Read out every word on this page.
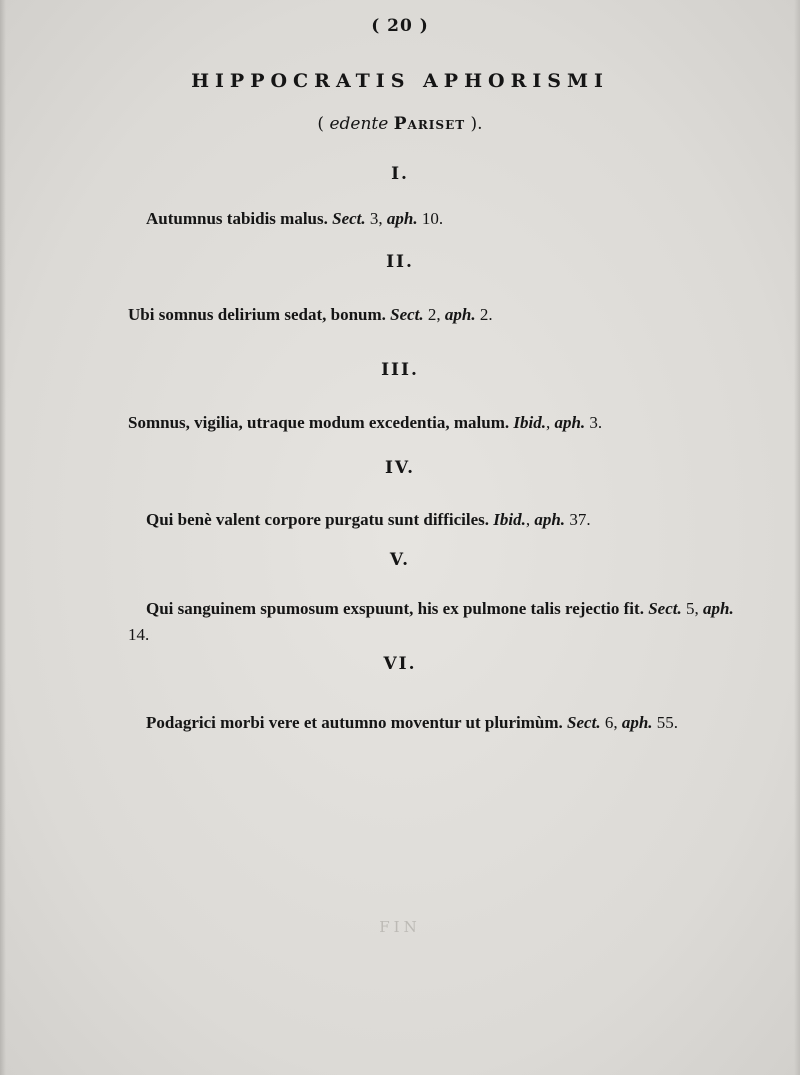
FIN
( 20 )
HIPPOCRATIS APHORISMI
( edente Pariset ).
I.
Autumnus tabidis malus. Sect. 3, aph. 10.
II.
Ubi somnus delirium sedat, bonum. Sect. 2, aph. 2.
III.
Somnus, vigilia, utraque modum excedentia, malum. Ibid., aph. 3.
IV.
Qui benè valent corpore purgatu sunt difficiles. Ibid., aph. 37.
V.
Qui sanguinem spumosum exspuunt, his ex pulmone talis rejectio fit. Sect. 5, aph. 14.
VI.
Podagrici morbi vere et autumno moventur ut plurimùm. Sect. 6, aph. 55.
